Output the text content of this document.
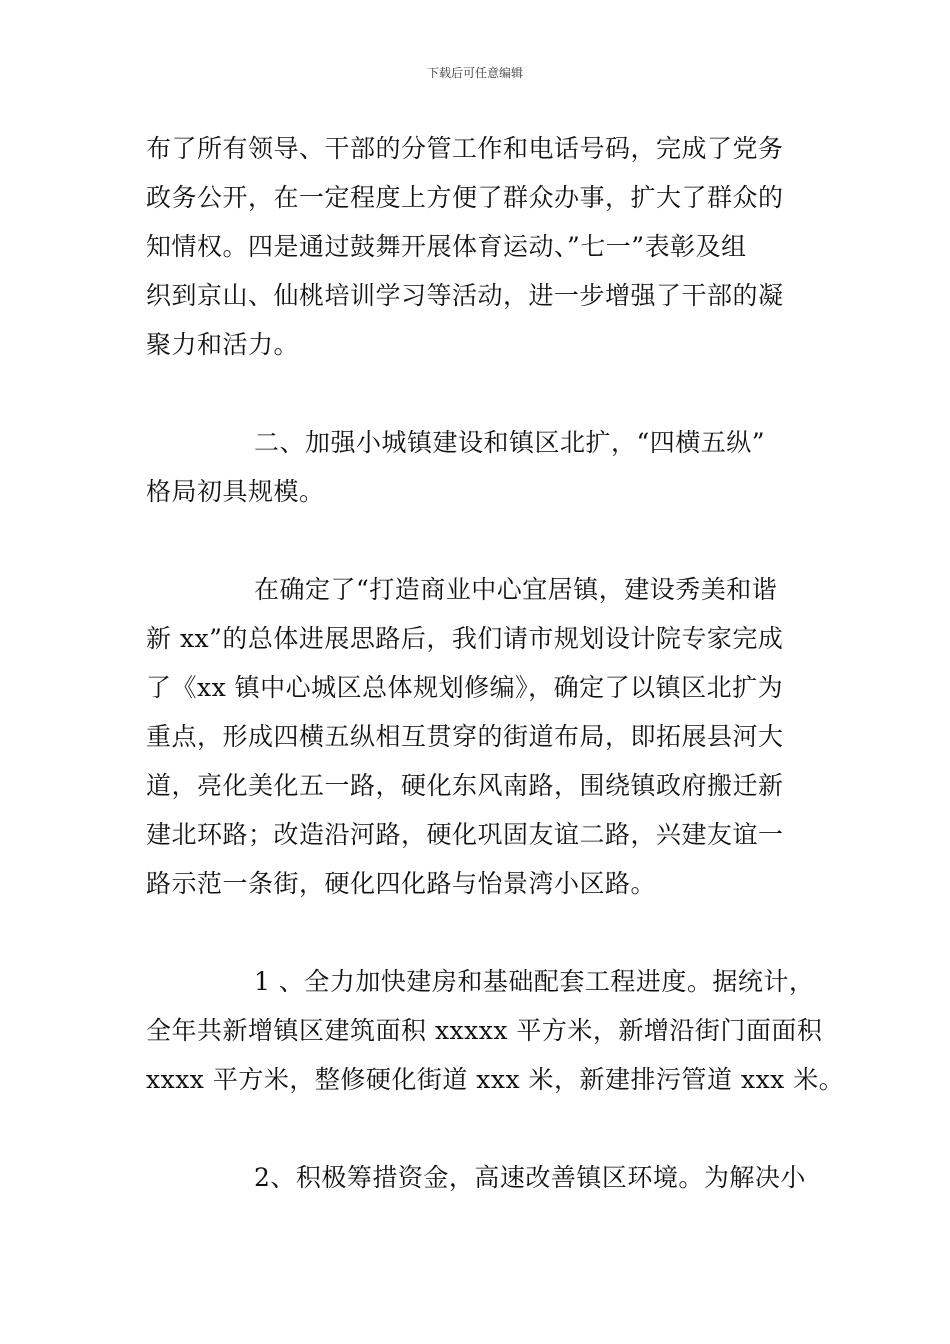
下载后可任意编辑

布了所有领导、干部的分管工作和电话号码，完成了党务
政务公开，在一定程度上方便了群众办事，扩大了群众的
知情权。四是通过鼓舞开展体育运动、”七一”表彰及组
织到京山、仙桃培训学习等活动，进一步增强了干部的凝
聚力和活力。

二、加强小城镇建设和镇区北扩，“四横五纵”
格局初具规模。

在确定了“打造商业中心宜居镇，建设秀美和谐
新 xx”的总体进展思路后，我们请市规划设计院专家完成
了《xx 镇中心城区总体规划修编》，确定了以镇区北扩为
重点，形成四横五纵相互贯穿的街道布局，即拓展县河大
道，亮化美化五一路，硬化东风南路，围绕镇政府搬迁新
建北环路；改造沿河路，硬化巩固友谊二路，兴建友谊一
路示范一条街，硬化四化路与怡景湾小区路。

1 、全力加快建房和基础配套工程进度。据统计，
全年共新增镇区建筑面积 xxxxx 平方米，新增沿街门面面积
xxxx 平方米，整修硬化街道 xxx 米，新建排污管道 xxx 米。

2、积极筹措资金，高速改善镇区环境。为解决小
